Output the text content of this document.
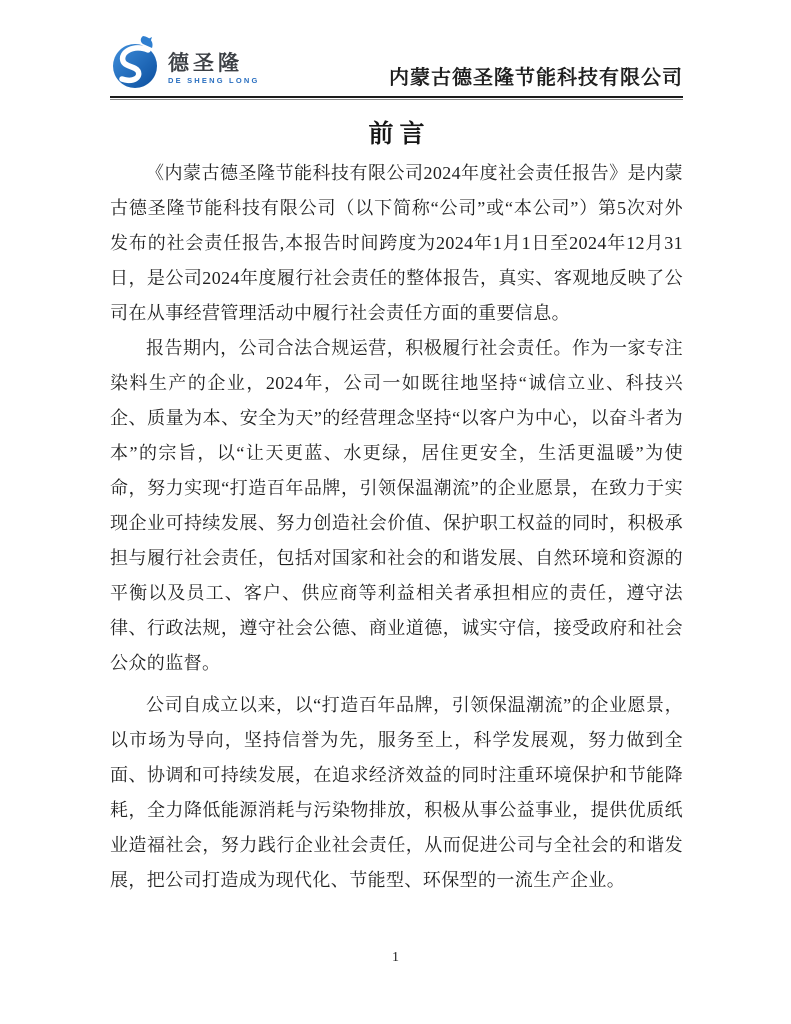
德圣隆
DE SHENG LONG	内蒙古德圣隆节能科技有限公司
前言

《内蒙古德圣隆节能科技有限公司2024年度社会责任报告》是内蒙古德圣隆节能科技有限公司（以下简称“公司”或“本公司”）第5次对外发布的社会责任报告,本报告时间跨度为2024年1月1日至2024年12月31日，是公司2024年度履行社会责任的整体报告，真实、客观地反映了公司在从事经营管理活动中履行社会责任方面的重要信息。

报告期内，公司合法合规运营，积极履行社会责任。作为一家专注染料生产的企业，2024年，公司一如既往地坚持“诚信立业、科技兴企、质量为本、安全为天”的经营理念坚持“以客户为中心，以奋斗者为本”的宗旨，以“让天更蓝、水更绿，居住更安全，生活更温暖”为使命，努力实现“打造百年品牌，引领保温潮流”的企业愿景，在致力于实现企业可持续发展、努力创造社会价值、保护职工权益的同时，积极承担与履行社会责任，包括对国家和社会的和谐发展、自然环境和资源的平衡以及员工、客户、供应商等利益相关者承担相应的责任，遵守法律、行政法规，遵守社会公德、商业道德，诚实守信，接受政府和社会公众的监督。

公司自成立以来，以“打造百年品牌，引领保温潮流”的企业愿景，以市场为导向，坚持信誉为先，服务至上，科学发展观，努力做到全面、协调和可持续发展，在追求经济效益的同时注重环境保护和节能降耗，全力降低能源消耗与污染物排放，积极从事公益事业，提供优质纸业造福社会，努力践行企业社会责任，从而促进公司与全社会的和谐发展，把公司打造成为现代化、节能型、环保型的一流生产企业。

1
